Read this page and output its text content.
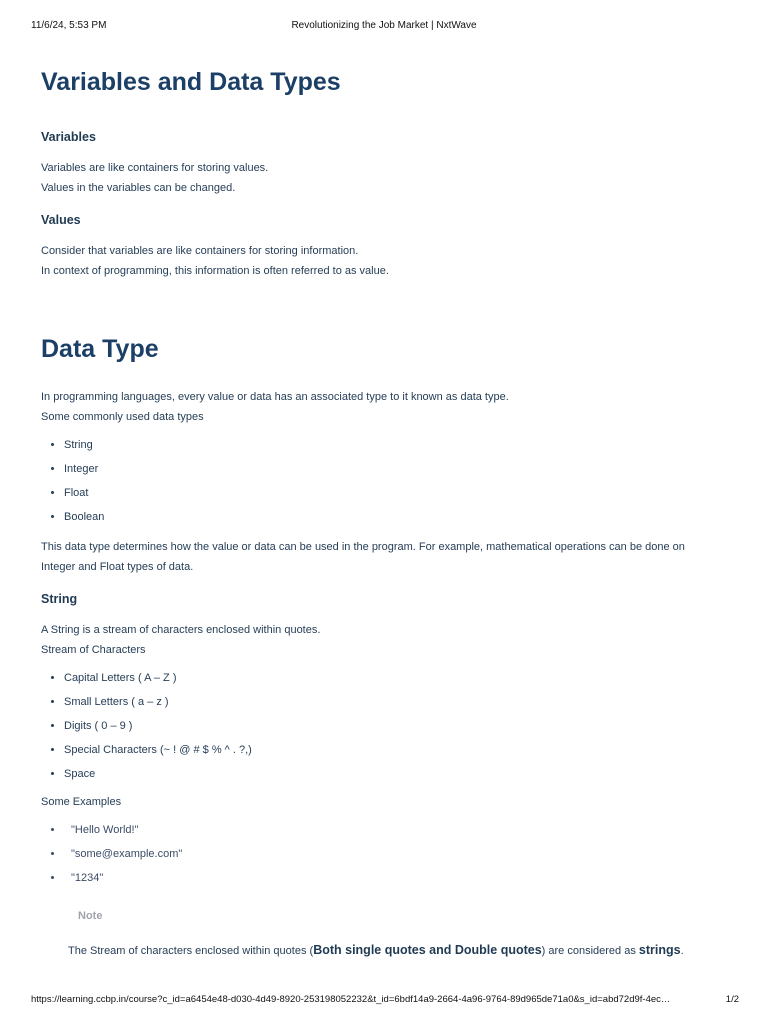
11/6/24, 5:53 PM	Revolutionizing the Job Market | NxtWave
Variables and Data Types
Variables

Variables are like containers for storing values.

Values in the variables can be changed.

Values

Consider that variables are like containers for storing information.

In context of programming, this information is often referred to as value.

Data Type

In programming languages, every value or data has an associated type to it known as data type.

Some commonly used data types

• String
• Integer
• Float
• Boolean

This data type determines how the value or data can be used in the program. For example, mathematical operations can be done on Integer and Float types of data.

String

A String is a stream of characters enclosed within quotes.

Stream of Characters

• Capital Letters ( A – Z )
• Small Letters ( a – z )
• Digits ( 0 – 9 )
• Special Characters (~ ! @ # $ % ^ . ?,)
• Space

Some Examples

• "Hello World!"
• "some@example.com"
• "1234"
Note
The Stream of characters enclosed within quotes (Both single quotes and Double quotes) are considered as strings.
https://learning.ccbp.in/course?c_id=a6454e48-d030-4d49-8920-253198052232&t_id=6bdf14a9-2664-4a96-9764-89d965de71a0&s_id=abd72d9f-4ec…	1/2
